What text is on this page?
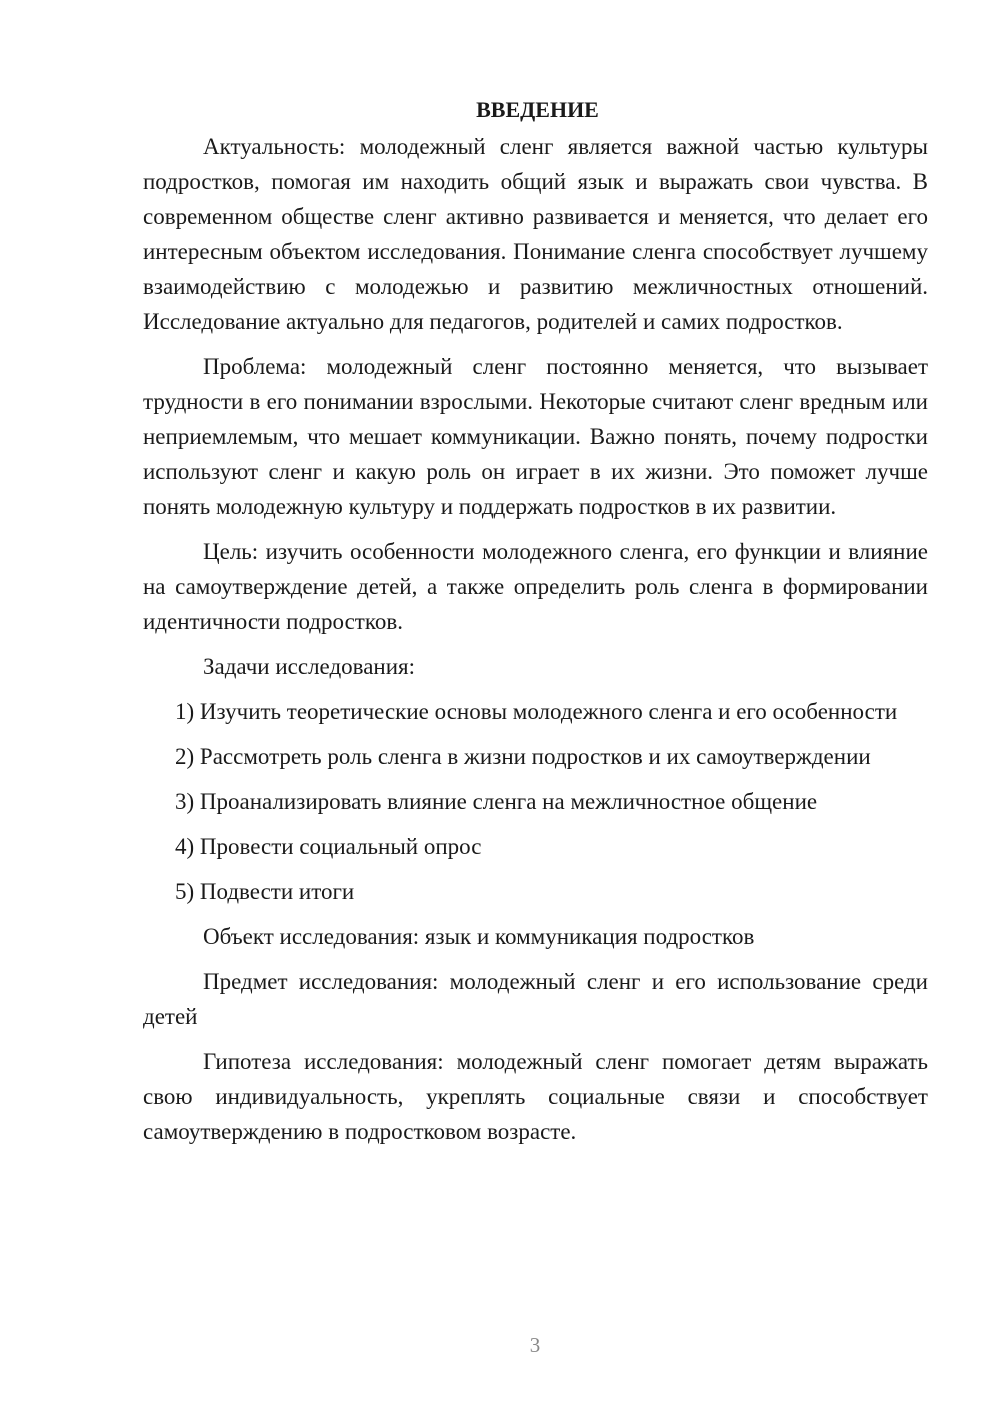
ВВЕДЕНИЕ

Актуальность: молодежный сленг является важной частью культуры подростков, помогая им находить общий язык и выражать свои чувства. В современном обществе сленг активно развивается и меняется, что делает его интересным объектом исследования. Понимание сленга способствует лучшему взаимодействию с молодежью и развитию межличностных отношений. Исследование актуально для педагогов, родителей и самих подростков.

Проблема: молодежный сленг постоянно меняется, что вызывает трудности в его понимании взрослыми. Некоторые считают сленг вредным или неприемлемым, что мешает коммуникации. Важно понять, почему подростки используют сленг и какую роль он играет в их жизни. Это поможет лучше понять молодежную культуру и поддержать подростков в их развитии.

Цель: изучить особенности молодежного сленга, его функции и влияние на самоутверждение детей, а также определить роль сленга в формировании идентичности подростков.

Задачи исследования:

1) Изучить теоретические основы молодежного сленга и его особенности

2) Рассмотреть роль сленга в жизни подростков и их самоутверждении

3) Проанализировать влияние сленга на межличностное общение

4) Провести социальный опрос

5) Подвести итоги

Объект исследования: язык и коммуникация подростков

Предмет исследования: молодежный сленг и его использование среди детей

Гипотеза исследования: молодежный сленг помогает детям выражать свою индивидуальность, укреплять социальные связи и способствует самоутверждению в подростковом возрасте.

3
